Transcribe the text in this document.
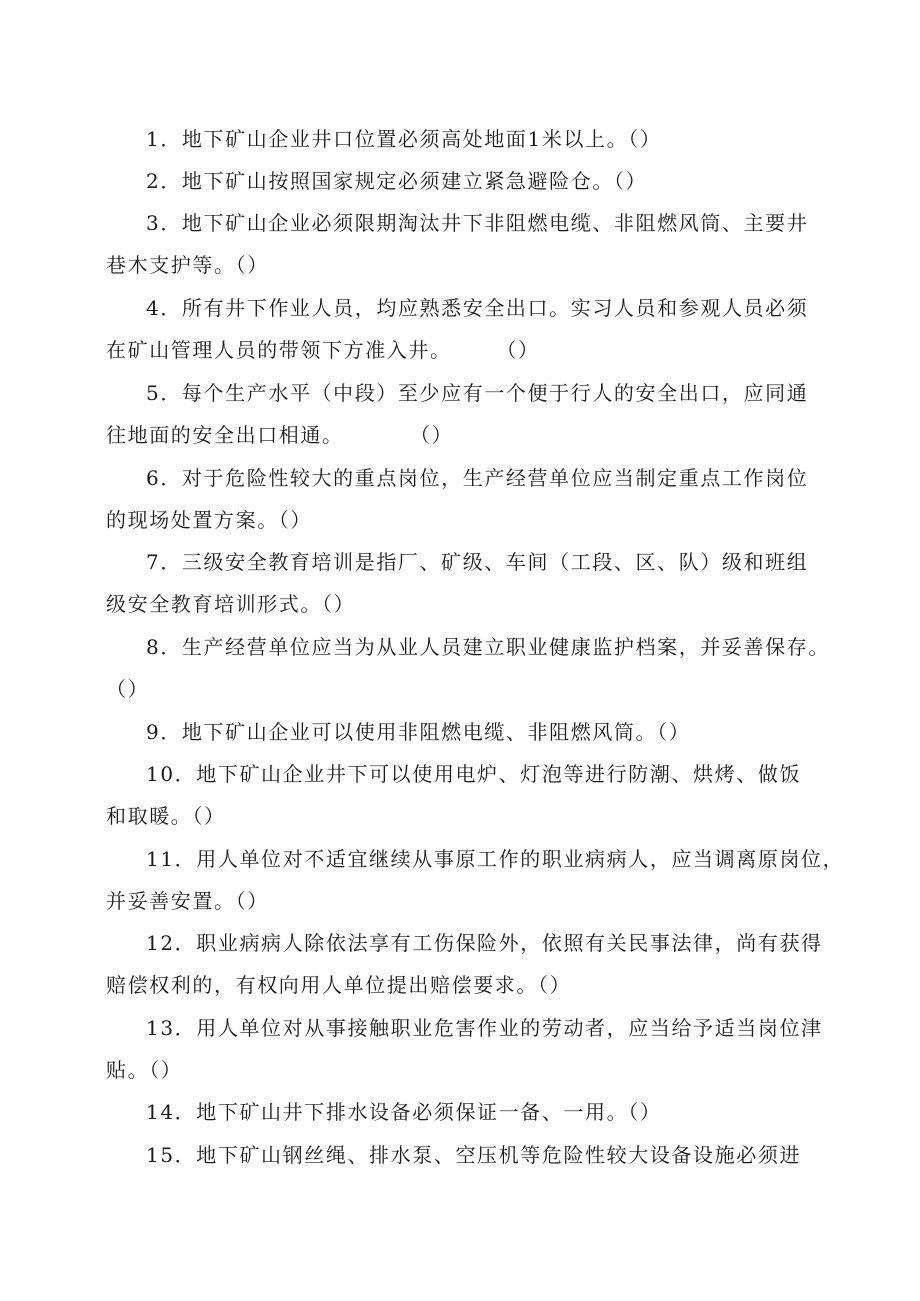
1．地下矿山企业井口位置必须高处地面1米以上。（）
2．地下矿山按照国家规定必须建立紧急避险仓。（）
3．地下矿山企业必须限期淘汰井下非阻燃电缆、非阻燃风筒、主要井
巷木支护等。（）
4．所有井下作业人员，均应熟悉安全出口。实习人员和参观人员必须
在矿山管理人员的带领下方准入井。　　　（）
5．每个生产水平（中段）至少应有一个便于行人的安全出口，应同通
往地面的安全出口相通。　　　　（）
6．对于危险性较大的重点岗位，生产经营单位应当制定重点工作岗位
的现场处置方案。（）
7．三级安全教育培训是指厂、矿级、车间（工段、区、队）级和班组
级安全教育培训形式。（）
8．生产经营单位应当为从业人员建立职业健康监护档案，并妥善保存。
（）
9．地下矿山企业可以使用非阻燃电缆、非阻燃风筒。（）
10．地下矿山企业井下可以使用电炉、灯泡等进行防潮、烘烤、做饭
和取暖。（）
11．用人单位对不适宜继续从事原工作的职业病病人，应当调离原岗位，
并妥善安置。（）
12．职业病病人除依法享有工伤保险外，依照有关民事法律，尚有获得
赔偿权利的，有权向用人单位提出赔偿要求。（）
13．用人单位对从事接触职业危害作业的劳动者，应当给予适当岗位津
贴。（）
14．地下矿山井下排水设备必须保证一备、一用。（）
15．地下矿山钢丝绳、排水泵、空压机等危险性较大设备设施必须进
